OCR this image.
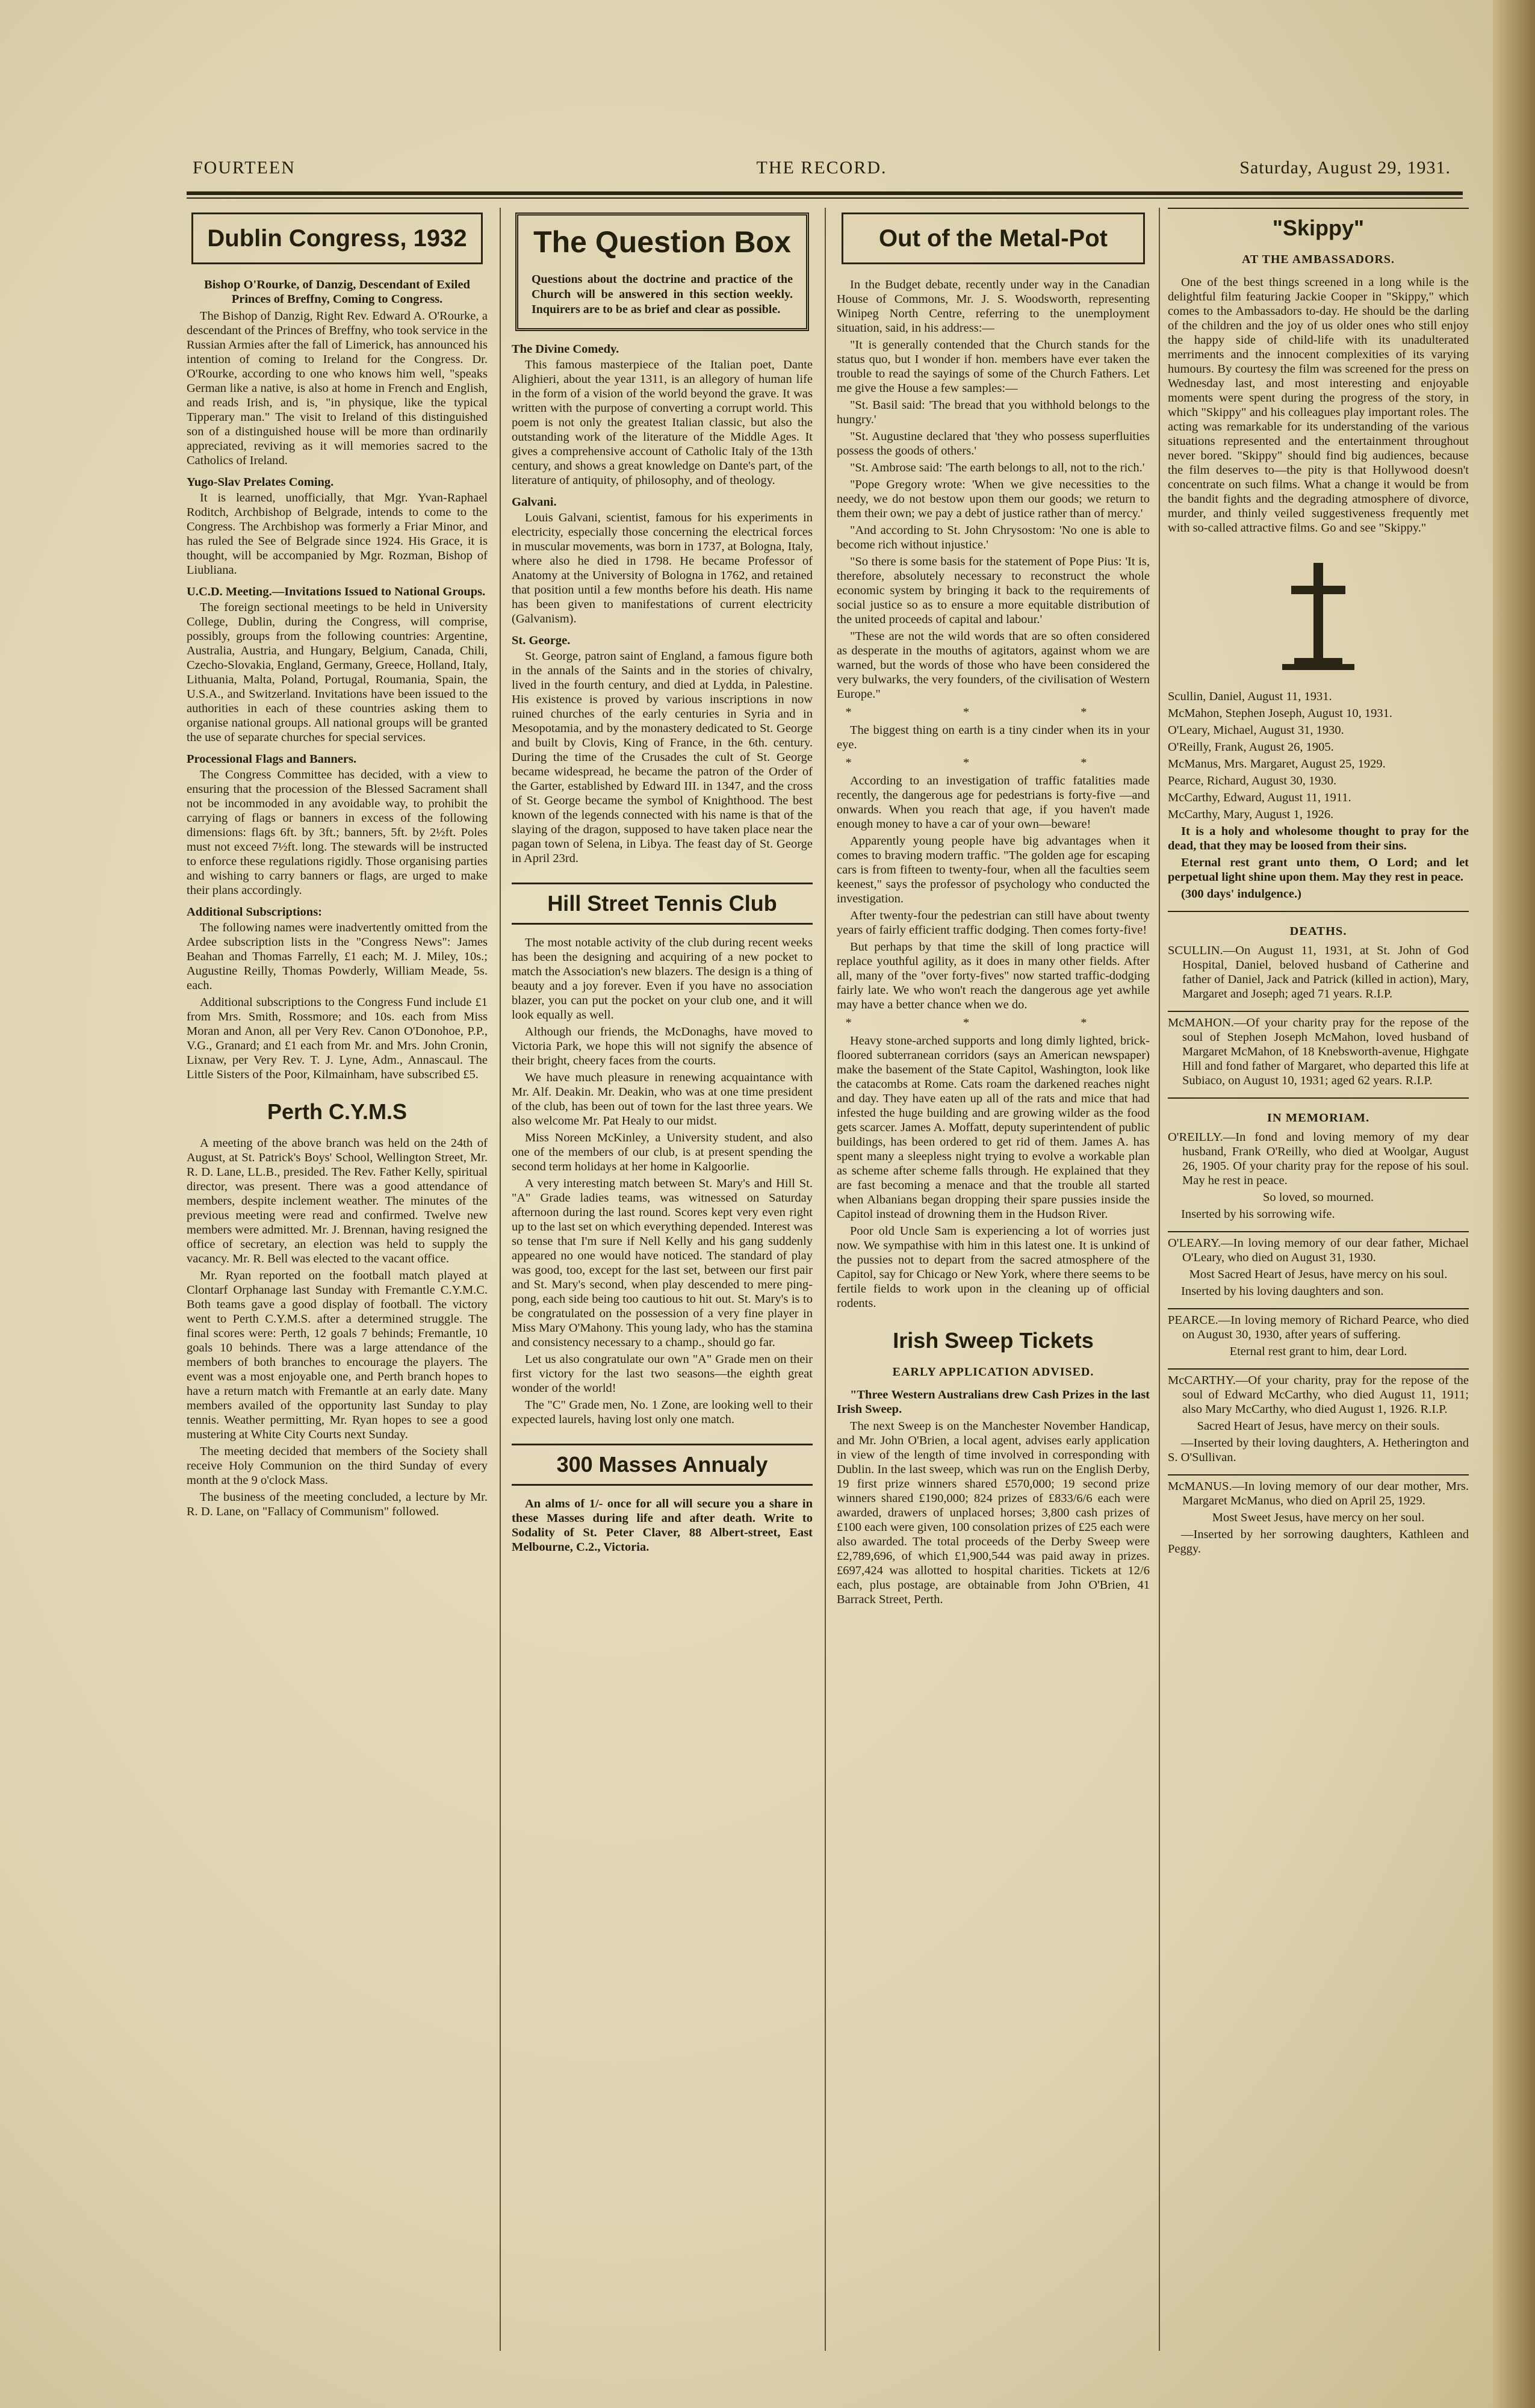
FOURTEEN	THE RECORD.	Saturday, August 29, 1931.
Dublin Congress, 1932
Bishop O'Rourke, of Danzig, Descendant of Exiled Princes of Breffny, Coming to Congress.

The Bishop of Danzig, Right Rev. Edward A. O'Rourke, a descendant of the Princes of Breffny, who took service in the Russian Armies after the fall of Limerick, has announced his intention of coming to Ireland for the Congress. Dr. O'Rourke, according to one who knows him well, "speaks German like a native, is also at home in French and English, and reads Irish, and is, "in physique, like the typical Tipperary man." The visit to Ireland of this distinguished son of a distinguished house will be more than ordinarily appreciated, reviving as it will memories sacred to the Catholics of Ireland.

Yugo-Slav Prelates Coming.

It is learned, unofficially, that Mgr. Yvan-Raphael Roditch, Archbishop of Belgrade, intends to come to the Congress. The Archbishop was formerly a Friar Minor, and has ruled the See of Belgrade since 1924. His Grace, it is thought, will be accompanied by Mgr. Rozman, Bishop of Liubliana.

U.C.D. Meeting.—Invitations Issued to National Groups.

The foreign sectional meetings to be held in University College, Dublin, during the Congress, will comprise, possibly, groups from the following countries: Argentine, Australia, Austria, and Hungary, Belgium, Canada, Chili, Czecho-Slovakia, England, Germany, Greece, Holland, Italy, Lithuania, Malta, Poland, Portugal, Roumania, Spain, the U.S.A., and Switzerland. Invitations have been issued to the authorities in each of these countries asking them to organise national groups. All national groups will be granted the use of separate churches for special services.

Processional Flags and Banners.

The Congress Committee has decided, with a view to ensuring that the procession of the Blessed Sacrament shall not be incommoded in any avoidable way, to prohibit the carrying of flags or banners in excess of the following dimensions: flags 6ft. by 3ft.; banners, 5ft. by 2½ft. Poles must not exceed 7½ft. long. The stewards will be instructed to enforce these regulations rigidly. Those organising parties and wishing to carry banners or flags, are urged to make their plans accordingly.

Additional Subscriptions:

The following names were inadvertently omitted from the Ardee subscription lists in the "Congress News": James Beahan and Thomas Farrelly, £1 each; M. J. Miley, 10s.; Augustine Reilly, Thomas Powderly, William Meade, 5s. each.

Additional subscriptions to the Congress Fund include £1 from Mrs. Smith, Rossmore; and 10s. each from Miss Moran and Anon, all per Very Rev. Canon O'Donohoe, P.P., V.G., Granard; and £1 each from Mr. and Mrs. John Cronin, Lixnaw, per Very Rev. T. J. Lyne, Adm., Annascaul. The Little Sisters of the Poor, Kilmainham, have subscribed £5.

Perth C.Y.M.S

A meeting of the above branch was held on the 24th of August, at St. Patrick's Boys' School, Wellington Street, Mr. R. D. Lane, LL.B., presided. The Rev. Father Kelly, spiritual director, was present. There was a good attendance of members, despite inclement weather. The minutes of the previous meeting were read and confirmed. Twelve new members were admitted. Mr. J. Brennan, having resigned the office of secretary, an election was held to supply the vacancy. Mr. R. Bell was elected to the vacant office.

Mr. Ryan reported on the football match played at Clontarf Orphanage last Sunday with Fremantle C.Y.M.C. Both teams gave a good display of football. The victory went to Perth C.Y.M.S. after a determined struggle. The final scores were: Perth, 12 goals 7 behinds; Fremantle, 10 goals 10 behinds. There was a large attendance of the members of both branches to encourage the players. The event was a most enjoyable one, and Perth branch hopes to have a return match with Fremantle at an early date. Many members availed of the opportunity last Sunday to play tennis. Weather permitting, Mr. Ryan hopes to see a good mustering at White City Courts next Sunday.

The meeting decided that members of the Society shall receive Holy Communion on the third Sunday of every month at the 9 o'clock Mass.

The business of the meeting concluded, a lecture by Mr. R. D. Lane, on "Fallacy of Communism" followed.

The Question Box
Questions about the doctrine and practice of the Church will be answered in this section weekly. Inquirers are to be as brief and clear as possible.
The Divine Comedy.

This famous masterpiece of the Italian poet, Dante Alighieri, about the year 1311, is an allegory of human life in the form of a vision of the world beyond the grave. It was written with the purpose of converting a corrupt world. This poem is not only the greatest Italian classic, but also the outstanding work of the literature of the Middle Ages. It gives a comprehensive account of Catholic Italy of the 13th century, and shows a great knowledge on Dante's part, of the literature of antiquity, of philosophy, and of theology.

Galvani.

Louis Galvani, scientist, famous for his experiments in electricity, especially those concerning the electrical forces in muscular movements, was born in 1737, at Bologna, Italy, where also he died in 1798. He became Professor of Anatomy at the University of Bologna in 1762, and retained that position until a few months before his death. His name has been given to manifestations of current electricity (Galvanism).

St. George.

St. George, patron saint of England, a famous figure both in the annals of the Saints and in the stories of chivalry, lived in the fourth century, and died at Lydda, in Palestine. His existence is proved by various inscriptions in now ruined churches of the early centuries in Syria and in Mesopotamia, and by the monastery dedicated to St. George and built by Clovis, King of France, in the 6th. century. During the time of the Crusades the cult of St. George became widespread, he became the patron of the Order of the Garter, established by Edward III. in 1347, and the cross of St. George became the symbol of Knighthood. The best known of the legends connected with his name is that of the slaying of the dragon, supposed to have taken place near the pagan town of Selena, in Libya. The feast day of St. George in April 23rd.

Hill Street Tennis Club

The most notable activity of the club during recent weeks has been the designing and acquiring of a new pocket to match the Association's new blazers. The design is a thing of beauty and a joy forever. Even if you have no association blazer, you can put the pocket on your club one, and it will look equally as well.

Although our friends, the McDonaghs, have moved to Victoria Park, we hope this will not signify the absence of their bright, cheery faces from the courts.

We have much pleasure in renewing acquaintance with Mr. Alf. Deakin. Mr. Deakin, who was at one time president of the club, has been out of town for the last three years. We also welcome Mr. Pat Healy to our midst.

Miss Noreen McKinley, a University student, and also one of the members of our club, is at present spending the second term holidays at her home in Kalgoorlie.

A very interesting match between St. Mary's and Hill St. "A" Grade ladies teams, was witnessed on Saturday afternoon during the last round. Scores kept very even right up to the last set on which everything depended. Interest was so tense that I'm sure if Nell Kelly and his gang suddenly appeared no one would have noticed. The standard of play was good, too, except for the last set, between our first pair and St. Mary's second, when play descended to mere ping-pong, each side being too cautious to hit out. St. Mary's is to be congratulated on the possession of a very fine player in Miss Mary O'Mahony. This young lady, who has the stamina and consistency necessary to a champ., should go far.

Let us also congratulate our own "A" Grade men on their first victory for the last two seasons—the eighth great wonder of the world!

The "C" Grade men, No. 1 Zone, are looking well to their expected laurels, having lost only one match.

300 Masses Annualy

An alms of 1/- once for all will secure you a share in these Masses during life and after death. Write to Sodality of St. Peter Claver, 88 Albert-street, East Melbourne, C.2., Victoria.

Out of the Metal-Pot

In the Budget debate, recently under way in the Canadian House of Commons, Mr. J. S. Woodsworth, representing Winipeg North Centre, referring to the unemployment situation, said, in his address:—

"It is generally contended that the Church stands for the status quo, but I wonder if hon. members have ever taken the trouble to read the sayings of some of the Church Fathers. Let me give the House a few samples:—

"St. Basil said: 'The bread that you withhold belongs to the hungry.'

"St. Augustine declared that 'they who possess superfluities possess the goods of others.'

"St. Ambrose said: 'The earth belongs to all, not to the rich.'

"Pope Gregory wrote: 'When we give necessities to the needy, we do not bestow upon them our goods; we return to them their own; we pay a debt of justice rather than of mercy.'

"And according to St. John Chrysostom: 'No one is able to become rich without injustice.'

"So there is some basis for the statement of Pope Pius: 'It is, therefore, absolutely necessary to reconstruct the whole economic system by bringing it back to the requirements of social justice so as to ensure a more equitable distribution of the united proceeds of capital and labour.'

"These are not the wild words that are so often considered as desperate in the mouths of agitators, against whom we are warned, but the words of those who have been considered the very bulwarks, the very founders, of the civilisation of Western Europe."

* * *

The biggest thing on earth is a tiny cinder when its in your eye.

* * *

According to an investigation of traffic fatalities made recently, the dangerous age for pedestrians is forty-five —and onwards. When you reach that age, if you haven't made enough money to have a car of your own—beware!

Apparently young people have big advantages when it comes to braving modern traffic. "The golden age for escaping cars is from fifteen to twenty-four, when all the faculties seem keenest," says the professor of psychology who conducted the investigation.

After twenty-four the pedestrian can still have about twenty years of fairly efficient traffic dodging. Then comes forty-five!

But perhaps by that time the skill of long practice will replace youthful agility, as it does in many other fields. After all, many of the "over forty-fives" now started traffic-dodging fairly late. We who won't reach the dangerous age yet awhile may have a better chance when we do.

* * *

Heavy stone-arched supports and long dimly lighted, brick-floored subterranean corridors (says an American newspaper) make the basement of the State Capitol, Washington, look like the catacombs at Rome. Cats roam the darkened reaches night and day. They have eaten up all of the rats and mice that had infested the huge building and are growing wilder as the food gets scarcer. James A. Moffatt, deputy superintendent of public buildings, has been ordered to get rid of them. James A. has spent many a sleepless night trying to evolve a workable plan as scheme after scheme falls through. He explained that they are fast becoming a menace and that the trouble all started when Albanians began dropping their spare pussies inside the Capitol instead of drowning them in the Hudson River.

Poor old Uncle Sam is experiencing a lot of worries just now. We sympathise with him in this latest one. It is unkind of the pussies not to depart from the sacred atmosphere of the Capitol, say for Chicago or New York, where there seems to be fertile fields to work upon in the cleaning up of official rodents.

Irish Sweep Tickets
EARLY APPLICATION ADVISED.

"Three Western Australians drew Cash Prizes in the last Irish Sweep.

The next Sweep is on the Manchester November Handicap, and Mr. John O'Brien, a local agent, advises early application in view of the length of time involved in corresponding with Dublin. In the last sweep, which was run on the English Derby, 19 first prize winners shared £570,000; 19 second prize winners shared £190,000; 824 prizes of £833/6/6 each were awarded, drawers of unplaced horses; 3,800 cash prizes of £100 each were given, 100 consolation prizes of £25 each were also awarded. The total proceeds of the Derby Sweep were £2,789,696, of which £1,900,544 was paid away in prizes. £697,424 was allotted to hospital charities. Tickets at 12/6 each, plus postage, are obtainable from John O'Brien, 41 Barrack Street, Perth.

"Skippy"
AT THE AMBASSADORS.

One of the best things screened in a long while is the delightful film featuring Jackie Cooper in "Skippy," which comes to the Ambassadors to-day. He should be the darling of the children and the joy of us older ones who still enjoy the happy side of child-life with its unadulterated merriments and the innocent complexities of its varying humours. By courtesy the film was screened for the press on Wednesday last, and most interesting and enjoyable moments were spent during the progress of the story, in which "Skippy" and his colleagues play important roles. The acting was remarkable for its understanding of the various situations represented and the entertainment throughout never bored. "Skippy" should find big audiences, because the film deserves to—the pity is that Hollywood doesn't concentrate on such films. What a change it would be from the bandit fights and the degrading atmosphere of divorce, murder, and thinly veiled suggestiveness frequently met with so-called attractive films. Go and see "Skippy."

Scullin, Daniel, August 11, 1931.

McMahon, Stephen Joseph, August 10, 1931.

O'Leary, Michael, August 31, 1930.

O'Reilly, Frank, August 26, 1905.

McManus, Mrs. Margaret, August 25, 1929.

Pearce, Richard, August 30, 1930.

McCarthy, Edward, August 11, 1911.

McCarthy, Mary, August 1, 1926.

It is a holy and wholesome thought to pray for the dead, that they may be loosed from their sins.

Eternal rest grant unto them, O Lord; and let perpetual light shine upon them. May they rest in peace.

(300 days' indulgence.)

DEATHS.

SCULLIN.—On August 11, 1931, at St. John of God Hospital, Daniel, beloved husband of Catherine and father of Daniel, Jack and Patrick (killed in action), Mary, Margaret and Joseph; aged 71 years. R.I.P.

McMAHON.—Of your charity pray for the repose of the soul of Stephen Joseph McMahon, loved husband of Margaret McMahon, of 18 Knebsworth-avenue, Highgate Hill and fond father of Margaret, who departed this life at Subiaco, on August 10, 1931; aged 62 years. R.I.P.

IN MEMORIAM.

O'REILLY.—In fond and loving memory of my dear husband, Frank O'Reilly, who died at Woolgar, August 26, 1905. Of your charity pray for the repose of his soul. May he rest in peace.

So loved, so mourned.

Inserted by his sorrowing wife.

O'LEARY.—In loving memory of our dear father, Michael O'Leary, who died on August 31, 1930.

Most Sacred Heart of Jesus, have mercy on his soul.

Inserted by his loving daughters and son.

PEARCE.—In loving memory of Richard Pearce, who died on August 30, 1930, after years of suffering.

Eternal rest grant to him, dear Lord.

McCARTHY.—Of your charity, pray for the repose of the soul of Edward McCarthy, who died August 11, 1911; also Mary McCarthy, who died August 1, 1926. R.I.P.

Sacred Heart of Jesus, have mercy on their souls.

—Inserted by their loving daughters, A. Hetherington and S. O'Sullivan.

McMANUS.—In loving memory of our dear mother, Mrs. Margaret McManus, who died on April 25, 1929.

Most Sweet Jesus, have mercy on her soul.

—Inserted by her sorrowing daughters, Kathleen and Peggy.
